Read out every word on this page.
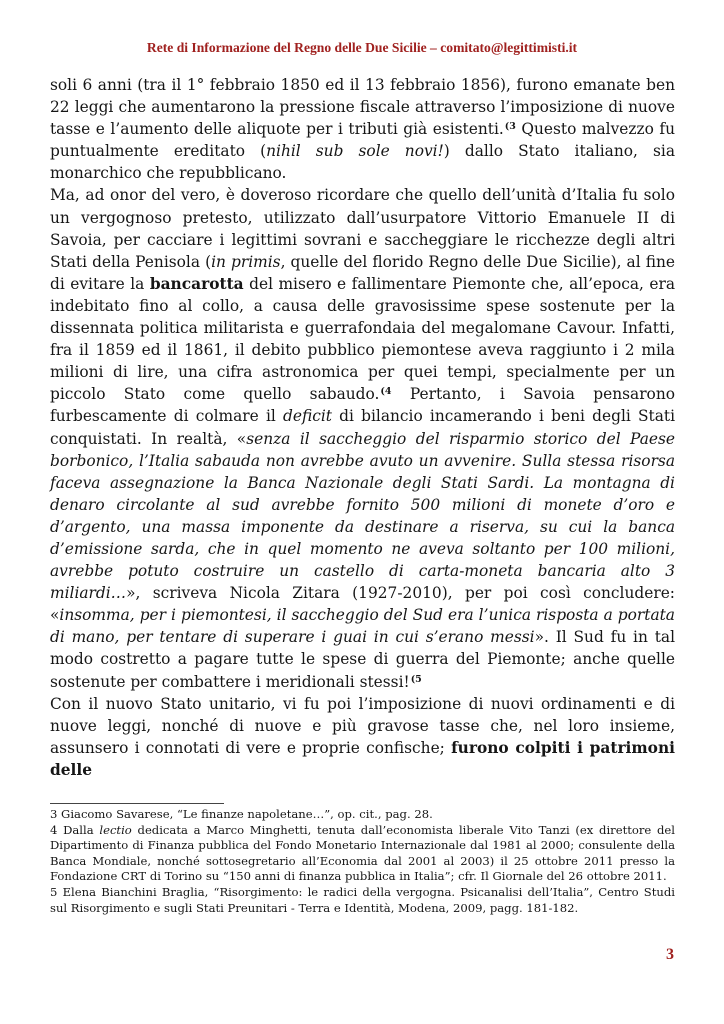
Rete di Informazione del Regno delle Due Sicilie – comitato@legittimisti.it

soli 6 anni (tra il 1° febbraio 1850 ed il 13 febbraio 1856), furono emanate ben 22 leggi che aumentarono la pressione fiscale attraverso l’imposizione di nuove tasse e l’aumento delle aliquote per i tributi già esistenti.$^{(3}$ Questo malvezzo fu puntualmente ereditato (nihil sub sole novi!) dallo Stato italiano, sia monarchico che repubblicano.

Ma, ad onor del vero, è doveroso ricordare che quello dell’unità d’Italia fu solo un vergognoso pretesto, utilizzato dall’usurpatore Vittorio Emanuele II di Savoia, per cacciare i legittimi sovrani e saccheggiare le ricchezze degli altri Stati della Penisola (in primis, quelle del florido Regno delle Due Sicilie), al fine di evitare la bancarotta del misero e fallimentare Piemonte che, all’epoca, era indebitato fino al collo, a causa delle gravosissime spese sostenute per la dissennata politica militarista e guerrafondaia del megalomane Cavour. Infatti, fra il 1859 ed il 1861, il debito pubblico piemontese aveva raggiunto i 2 mila milioni di lire, una cifra astronomica per quei tempi, specialmente per un piccolo Stato come quello sabaudo.$^{(4}$ Pertanto, i Savoia pensarono furbescamente di colmare il deficit di bilancio incamerando i beni degli Stati conquistati. In realtà, «senza il saccheggio del risparmio storico del Paese borbonico, l’Italia sabauda non avrebbe avuto un avvenire. Sulla stessa risorsa faceva assegnazione la Banca Nazionale degli Stati Sardi. La montagna di denaro circolante al sud avrebbe fornito 500 milioni di monete d’oro e d’argento, una massa imponente da destinare a riserva, su cui la banca d’emissione sarda, che in quel momento ne aveva soltanto per 100 milioni, avrebbe potuto costruire un castello di carta-moneta bancaria alto 3 miliardi…», scriveva Nicola Zitara (1927-2010), per poi così concludere: «insomma, per i piemontesi, il saccheggio del Sud era l’unica risposta a portata di mano, per tentare di superare i guai in cui s’erano messi». Il Sud fu in tal modo costretto a pagare tutte le spese di guerra del Piemonte; anche quelle sostenute per combattere i meridionali stessi!$^{(5}$

Con il nuovo Stato unitario, vi fu poi l’imposizione di nuovi ordinamenti e di nuove leggi, nonché di nuove e più gravose tasse che, nel loro insieme, assunsero i connotati di vere e proprie confische; furono colpiti i patrimoni delle

3 Giacomo Savarese, “Le finanze napoletane…”, op. cit., pag. 28.

4 Dalla lectio dedicata a Marco Minghetti, tenuta dall’economista liberale Vito Tanzi (ex direttore del Dipartimento di Finanza pubblica del Fondo Monetario Internazionale dal 1981 al 2000; consulente della Banca Mondiale, nonché sottosegretario all’Economia dal 2001 al 2003) il 25 ottobre 2011 presso la Fondazione CRT di Torino su “150 anni di finanza pubblica in Italia”; cfr. Il Giornale del 26 ottobre 2011.

5 Elena Bianchini Braglia, “Risorgimento: le radici della vergogna. Psicanalisi dell’Italia”, Centro Studi sul Risorgimento e sugli Stati Preunitari - Terra e Identità, Modena, 2009, pagg. 181-182.

3
